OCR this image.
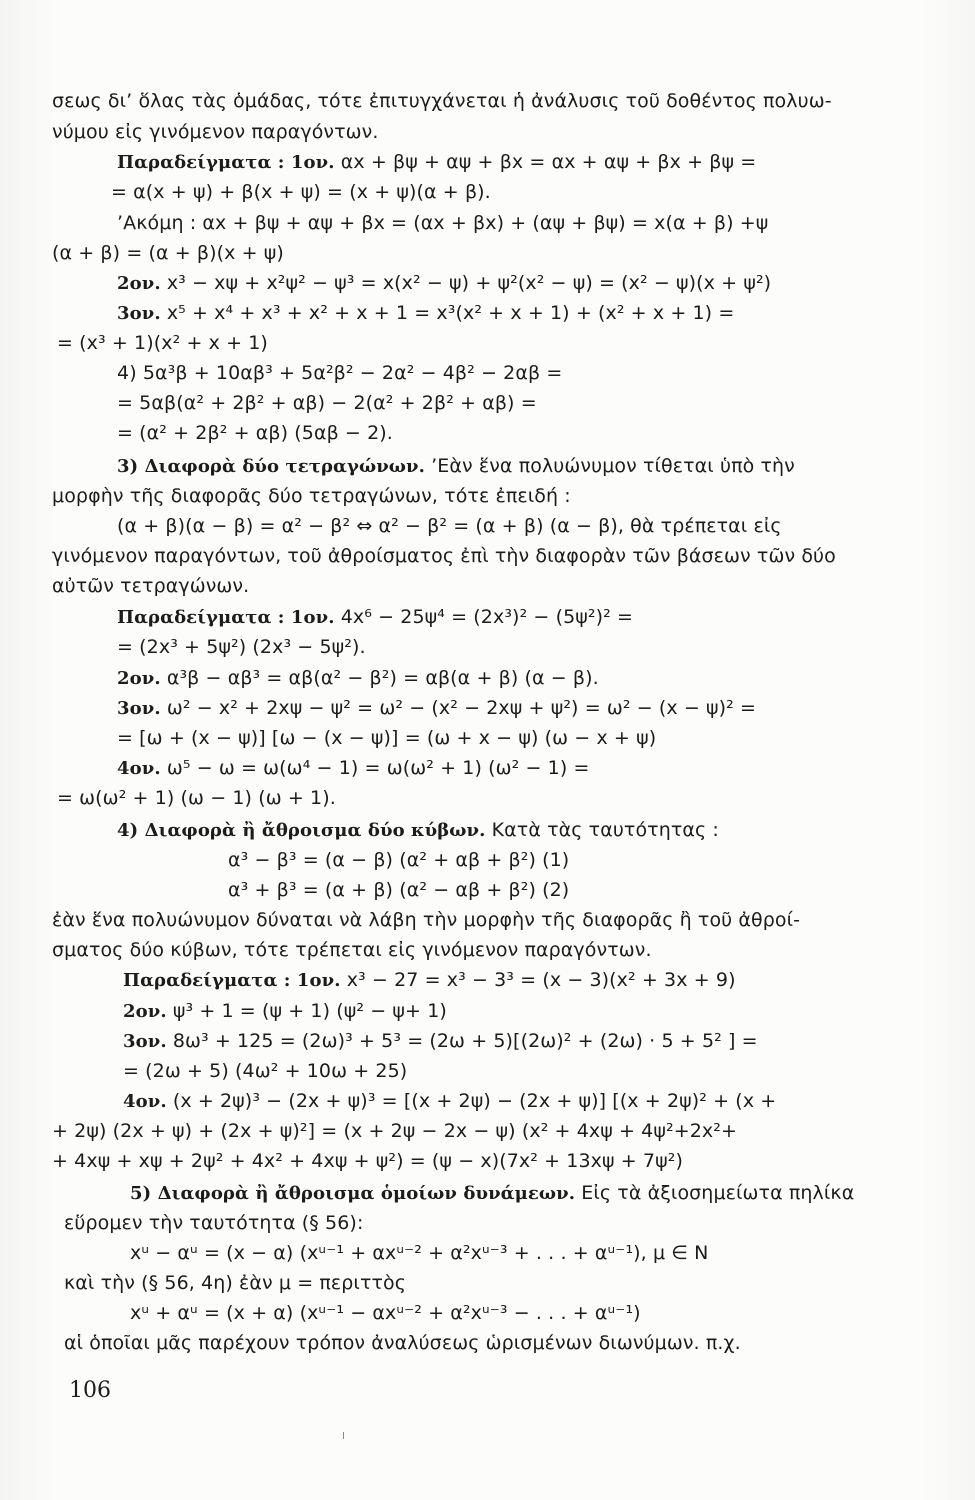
σεως δι’ ὅλας τὰς ὁμάδας, τότε ἐπιτυγχάνεται ἡ ἀνάλυσις τοῦ δοθέντος πολυω-
νύμου εἰς γινόμενον παραγόντων.
Παραδείγματα : 1ον. αx + βψ + αψ + βx = αx + αψ + βx + βψ =
= α(x + ψ) + β(x + ψ) = (x + ψ)(α + β).
’Ακόμη : αx + βψ + αψ + βx = (αx + βx) + (αψ + βψ) = x(α + β) +ψ
(α + β) = (α + β)(x + ψ)
2ον. x³ − xψ + x²ψ² − ψ³ = x(x² − ψ) + ψ²(x² − ψ) = (x² − ψ)(x + ψ²)
3ον. x⁵ + x⁴ + x³ + x² + x + 1 = x³(x² + x + 1) + (x² + x + 1) =
= (x³ + 1)(x² + x + 1)
4) 5α³β + 10αβ³ + 5α²β² − 2α² − 4β² − 2αβ =
= 5αβ(α² + 2β² + αβ) − 2(α² + 2β² + αβ) =
= (α² + 2β² + αβ) (5αβ − 2).
3) Διαφορὰ δύο τετραγώνων. ’Εὰν ἕνα πολυώνυμον τίθεται ὑπὸ τὴν
μορφὴν τῆς διαφορᾶς δύο τετραγώνων, τότε ἐπειδή :
(α + β)(α − β) = α² − β² ⇔ α² − β² = (α + β) (α − β), θὰ τρέπεται εἰς
γινόμενον παραγόντων, τοῦ ἀθροίσματος ἐπὶ τὴν διαφορὰν τῶν βάσεων τῶν δύο
αὐτῶν τετραγώνων.
Παραδείγματα : 1ον. 4x⁶ − 25ψ⁴ = (2x³)² − (5ψ²)² =
= (2x³ + 5ψ²) (2x³ − 5ψ²).
2ον. α³β − αβ³ = αβ(α² − β²) = αβ(α + β) (α − β).
3ον. ω² − x² + 2xψ − ψ² = ω² − (x² − 2xψ + ψ²) = ω² − (x − ψ)² =
= [ω + (x − ψ)] [ω − (x − ψ)] = (ω + x − ψ) (ω − x + ψ)
4ον. ω⁵ − ω = ω(ω⁴ − 1) = ω(ω² + 1) (ω² − 1) =
= ω(ω² + 1) (ω − 1) (ω + 1).
4) Διαφορὰ ἢ ἄθροισμα δύο κύβων. Κατὰ τὰς ταυτότητας :
α³ − β³ = (α − β) (α² + αβ + β²) (1)
α³ + β³ = (α + β) (α² − αβ + β²) (2)
ἐὰν ἕνα πολυώνυμον δύναται νὰ λάβη τὴν μορφὴν τῆς διαφορᾶς ἢ τοῦ ἀθροί-
σματος δύο κύβων, τότε τρέπεται εἰς γινόμενον παραγόντων.
Παραδείγματα : 1ον. x³ − 27 = x³ − 3³ = (x − 3)(x² + 3x + 9)
2ον. ψ³ + 1 = (ψ + 1) (ψ² − ψ+ 1)
3ον. 8ω³ + 125 = (2ω)³ + 5³ = (2ω + 5)[(2ω)² + (2ω) · 5 + 5² ] =
= (2ω + 5) (4ω² + 10ω + 25)
4ον. (x + 2ψ)³ − (2x + ψ)³ = [(x + 2ψ) − (2x + ψ)] [(x + 2ψ)² + (x +
+ 2ψ) (2x + ψ) + (2x + ψ)²] = (x + 2ψ − 2x − ψ) (x² + 4xψ + 4ψ²+2x²+
+ 4xψ + xψ + 2ψ² + 4x² + 4xψ + ψ²) = (ψ − x)(7x² + 13xψ + 7ψ²)
5) Διαφορὰ ἢ ἄθροισμα ὁμοίων δυνάμεων. Εἰς τὰ ἀξιοσημείωτα πηλίκα
εὕρομεν τὴν ταυτότητα (§ 56):
xᵘ − αᵘ = (x − α) (xᵘ⁻¹ + αxᵘ⁻² + α²xᵘ⁻³ + . . . + αᵘ⁻¹), μ ∈ N
καὶ τὴν (§ 56, 4η) ἐὰν μ = περιττὸς
xᵘ + αᵘ = (x + α) (xᵘ⁻¹ − αxᵘ⁻² + α²xᵘ⁻³ − . . . + αᵘ⁻¹)
αἱ ὁποῖαι μᾶς παρέχουν τρόπον ἀναλύσεως ὡρισμένων διωνύμων. π.χ.
106
